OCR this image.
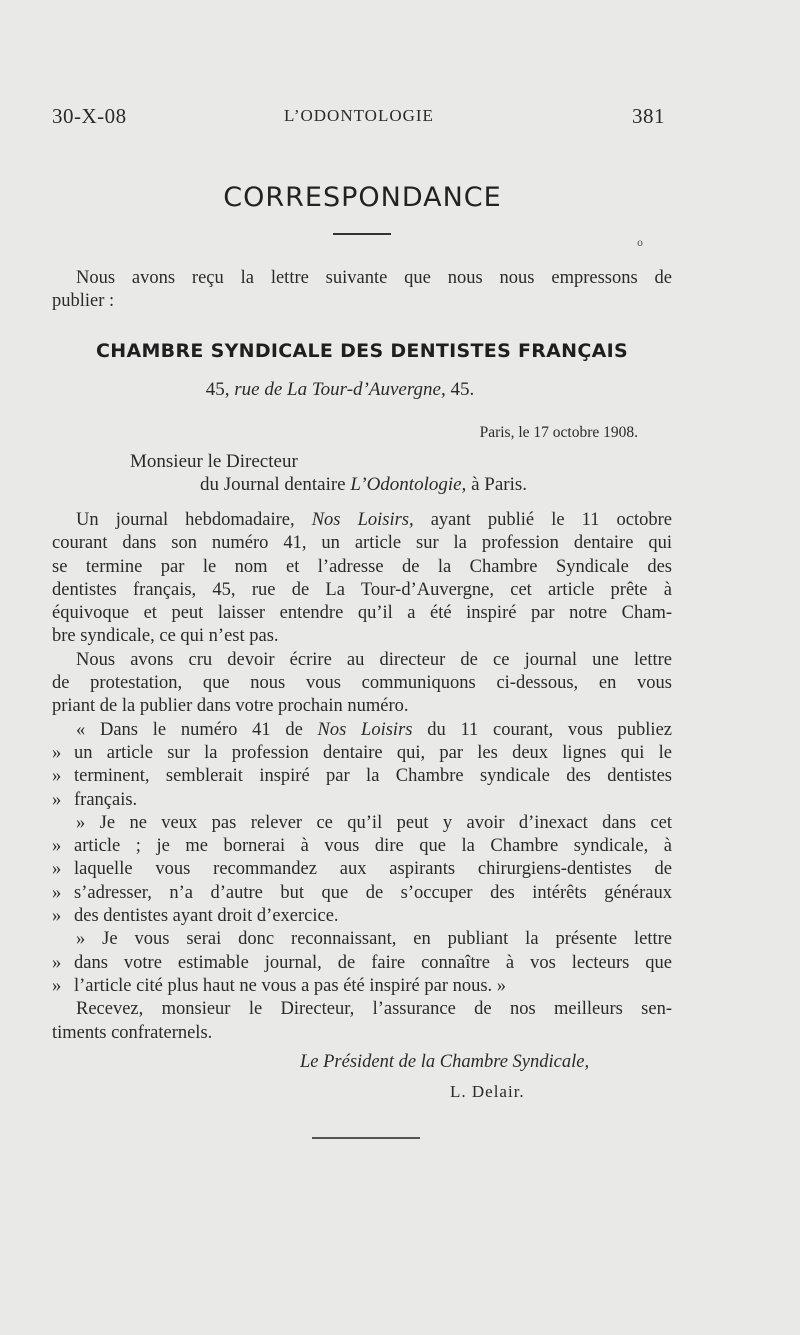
30-X-08	L’ODONTOLOGIE	381
CORRESPONDANCE
o
Nous avons reçu la lettre suivante que nous nous empressons de
publier :
CHAMBRE SYNDICALE DES DENTISTES FRANÇAIS
45, rue de La Tour-d’Auvergne, 45.
Paris, le 17 octobre 1908.
Monsieur le Directeur
du Journal dentaire L’Odontologie, à Paris.
Un journal hebdomadaire, Nos Loisirs, ayant publié le 11 octobre
courant dans son numéro 41, un article sur la profession dentaire qui
se termine par le nom et l’adresse de la Chambre Syndicale des
dentistes français, 45, rue de La Tour-d’Auvergne, cet article prête à
équivoque et peut laisser entendre qu’il a été inspiré par notre Cham-
bre syndicale, ce qui n’est pas.
Nous avons cru devoir écrire au directeur de ce journal une lettre
de protestation, que nous vous communiquons ci-dessous, en vous
priant de la publier dans votre prochain numéro.
« Dans le numéro 41 de Nos Loisirs du 11 courant, vous publiez
» un article sur la profession dentaire qui, par les deux lignes qui le
» terminent, semblerait inspiré par la Chambre syndicale des dentistes
» français.
» Je ne veux pas relever ce qu’il peut y avoir d’inexact dans cet
» article ; je me bornerai à vous dire que la Chambre syndicale, à
» laquelle vous recommandez aux aspirants chirurgiens-dentistes de
» s’adresser, n’a d’autre but que de s’occuper des intérêts généraux
» des dentistes ayant droit d’exercice.
» Je vous serai donc reconnaissant, en publiant la présente lettre
» dans votre estimable journal, de faire connaître à vos lecteurs que
» l’article cité plus haut ne vous a pas été inspiré par nous. »
Recevez, monsieur le Directeur, l’assurance de nos meilleurs sen-
timents confraternels.
Le Président de la Chambre Syndicale,
L. Delair.
